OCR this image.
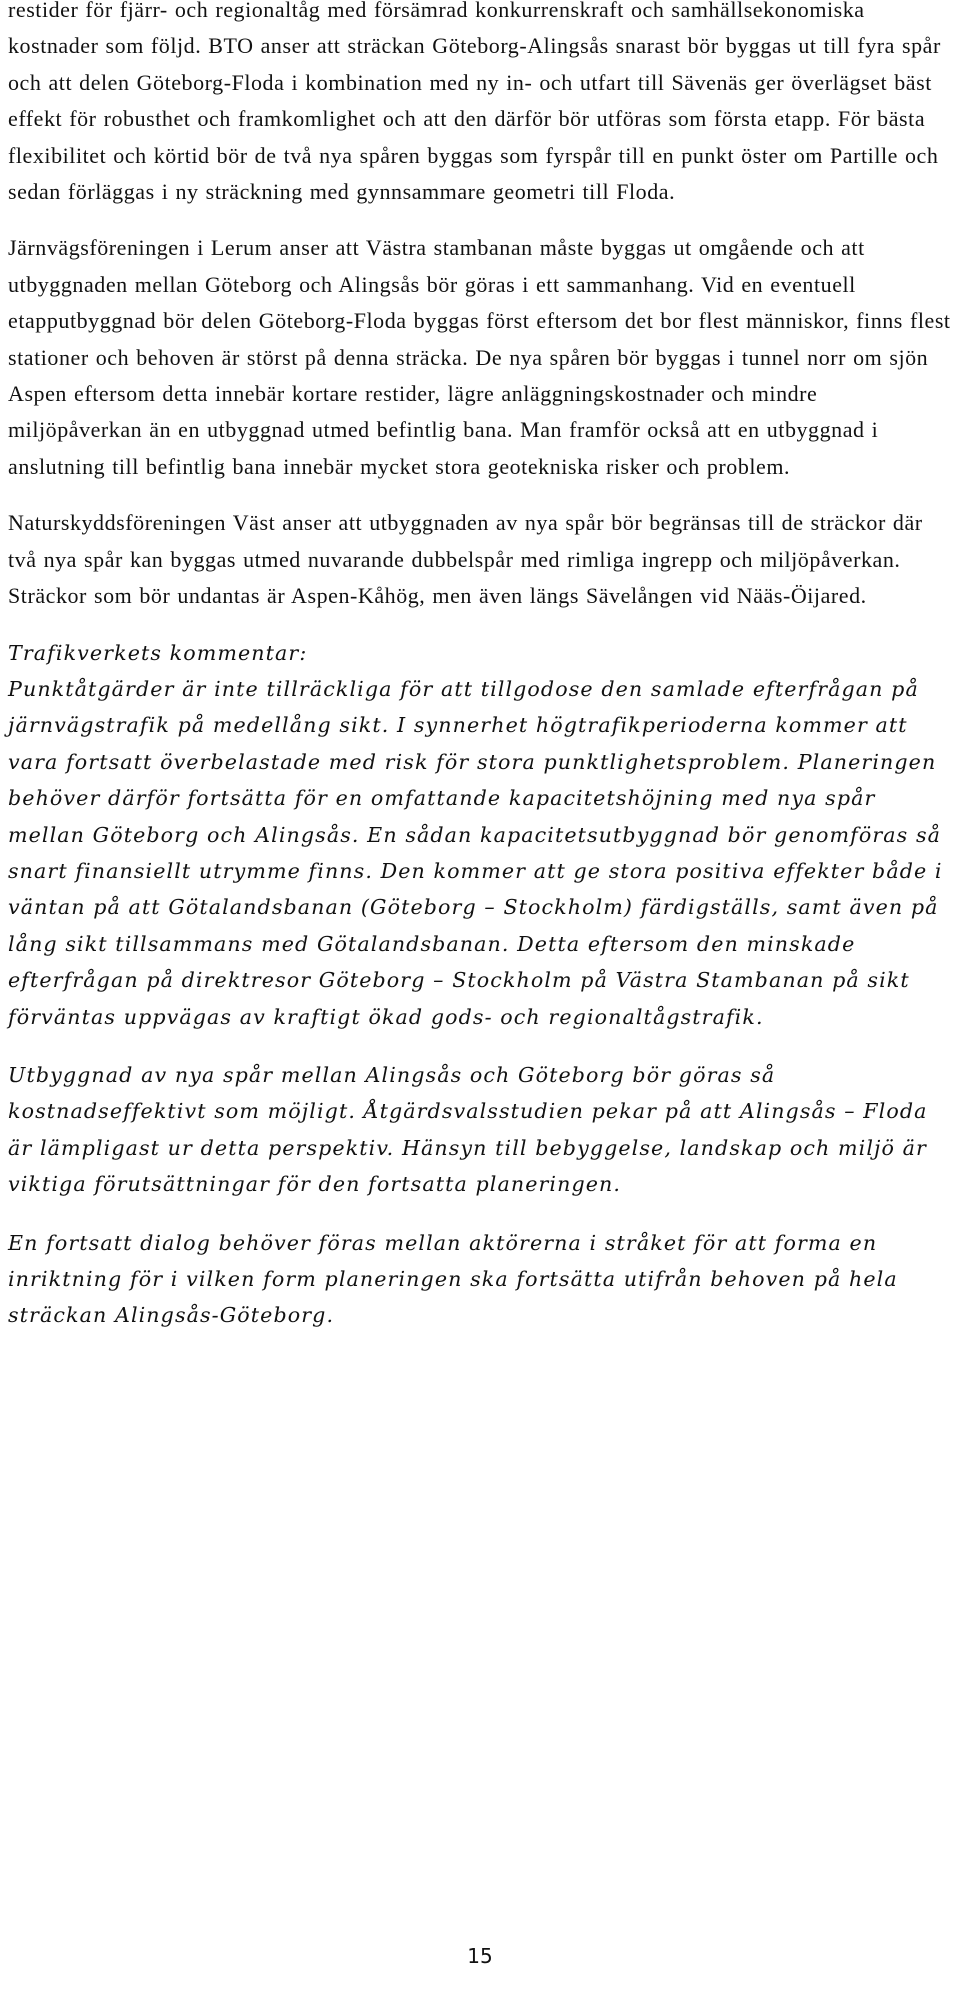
restider för fjärr- och regionaltåg med försämrad konkurrenskraft och samhällsekonomiska kostnader som följd. BTO anser att sträckan Göteborg-Alingsås snarast bör byggas ut till fyra spår och att delen Göteborg-Floda i kombination med ny in- och utfart till Sävenäs ger överlägset bäst effekt för robusthet och framkomlighet och att den därför bör utföras som första etapp. För bästa flexibilitet och körtid bör de två nya spåren byggas som fyrspår till en punkt öster om Partille och sedan förläggas i ny sträckning med gynnsammare geometri till Floda.

Järnvägsföreningen i Lerum anser att Västra stambanan måste byggas ut omgående och att utbyggnaden mellan Göteborg och Alingsås bör göras i ett sammanhang. Vid en eventuell etapputbyggnad bör delen Göteborg-Floda byggas först eftersom det bor flest människor, finns flest stationer och behoven är störst på denna sträcka. De nya spåren bör byggas i tunnel norr om sjön Aspen eftersom detta innebär kortare restider, lägre anläggningskostnader och mindre miljöpåverkan än en utbyggnad utmed befintlig bana. Man framför också att en utbyggnad i anslutning till befintlig bana innebär mycket stora geotekniska risker och problem.

Naturskyddsföreningen Väst anser att utbyggnaden av nya spår bör begränsas till de sträckor där två nya spår kan byggas utmed nuvarande dubbelspår med rimliga ingrepp och miljöpåverkan. Sträckor som bör undantas är Aspen-Kåhög, men även längs Sävelången vid Nääs-Öijared.

Trafikverkets kommentar:

Punktåtgärder är inte tillräckliga för att tillgodose den samlade efterfrågan på järnvägstrafik på medellång sikt. I synnerhet högtrafikperioderna kommer att vara fortsatt överbelastade med risk för stora punktlighetsproblem. Planeringen behöver därför fortsätta för en omfattande kapacitetshöjning med nya spår mellan Göteborg och Alingsås. En sådan kapacitetsutbyggnad bör genomföras så snart finansiellt utrymme finns. Den kommer att ge stora positiva effekter både i väntan på att Götalandsbanan (Göteborg – Stockholm) färdigställs, samt även på lång sikt tillsammans med Götalandsbanan. Detta eftersom den minskade efterfrågan på direktresor Göteborg – Stockholm på Västra Stambanan på sikt förväntas uppvägas av kraftigt ökad gods- och regionaltågstrafik.

Utbyggnad av nya spår mellan Alingsås och Göteborg bör göras så kostnadseffektivt som möjligt. Åtgärdsvalsstudien pekar på att Alingsås – Floda är lämpligast ur detta perspektiv. Hänsyn till bebyggelse, landskap och miljö är viktiga förutsättningar för den fortsatta planeringen.

En fortsatt dialog behöver föras mellan aktörerna i stråket för att forma en inriktning för i vilken form planeringen ska fortsätta utifrån behoven på hela sträckan Alingsås-Göteborg.

15
